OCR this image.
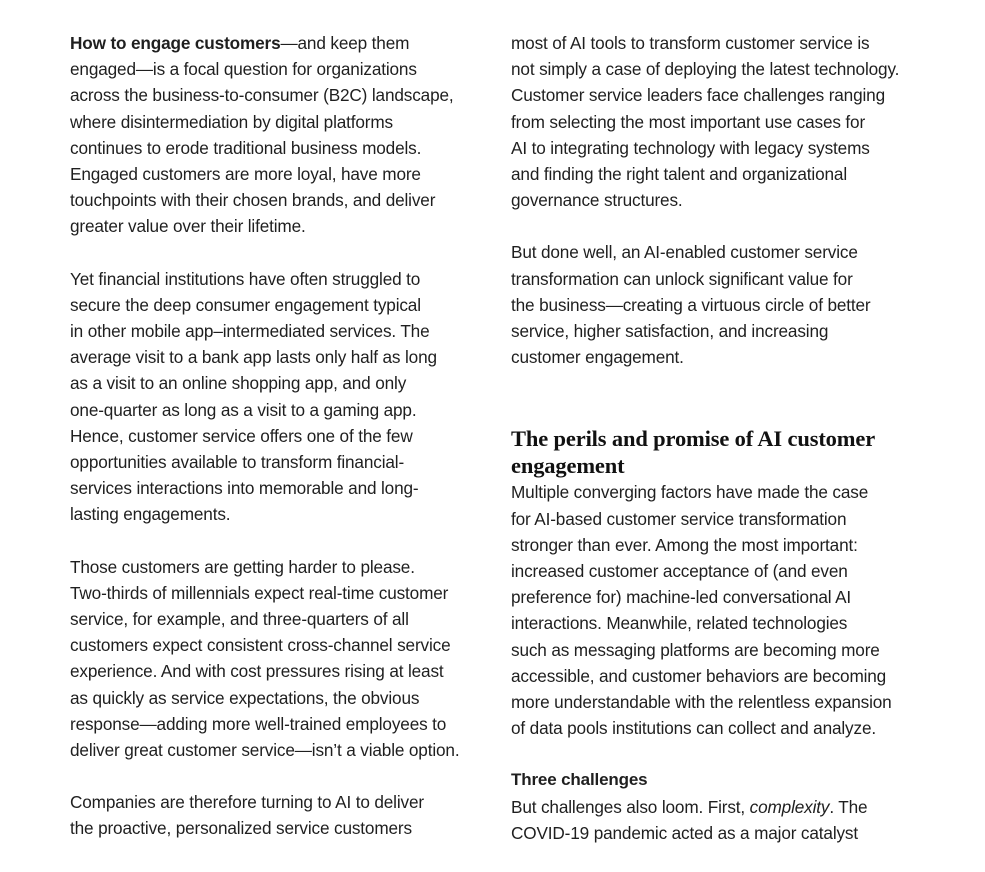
How to engage customers—and keep them
engaged—is a focal question for organizations
across the business-to-consumer (B2C) landscape,
where disintermediation by digital platforms
continues to erode traditional business models.
Engaged customers are more loyal, have more
touchpoints with their chosen brands, and deliver
greater value over their lifetime.

Yet financial institutions have often struggled to
secure the deep consumer engagement typical
in other mobile app–intermediated services. The
average visit to a bank app lasts only half as long
as a visit to an online shopping app, and only
one-quarter as long as a visit to a gaming app.
Hence, customer service offers one of the few
opportunities available to transform financial-
services interactions into memorable and long-
lasting engagements.

Those customers are getting harder to please.
Two-thirds of millennials expect real-time customer
service, for example, and three-quarters of all
customers expect consistent cross-channel service
experience. And with cost pressures rising at least
as quickly as service expectations, the obvious
response—adding more well-trained employees to
deliver great customer service—isn’t a viable option.

Companies are therefore turning to AI to deliver
the proactive, personalized service customers

most of AI tools to transform customer service is
not simply a case of deploying the latest technology.
Customer service leaders face challenges ranging
from selecting the most important use cases for
AI to integrating technology with legacy systems
and finding the right talent and organizational
governance structures.

But done well, an AI-enabled customer service
transformation can unlock significant value for
the business—creating a virtuous circle of better
service, higher satisfaction, and increasing
customer engagement.

The perils and promise of AI customer
engagement

Multiple converging factors have made the case
for AI-based customer service transformation
stronger than ever. Among the most important:
increased customer acceptance of (and even
preference for) machine-led conversational AI
interactions. Meanwhile, related technologies
such as messaging platforms are becoming more
accessible, and customer behaviors are becoming
more understandable with the relentless expansion
of data pools institutions can collect and analyze.

Three challenges

But challenges also loom. First, complexity. The
COVID-19 pandemic acted as a major catalyst
